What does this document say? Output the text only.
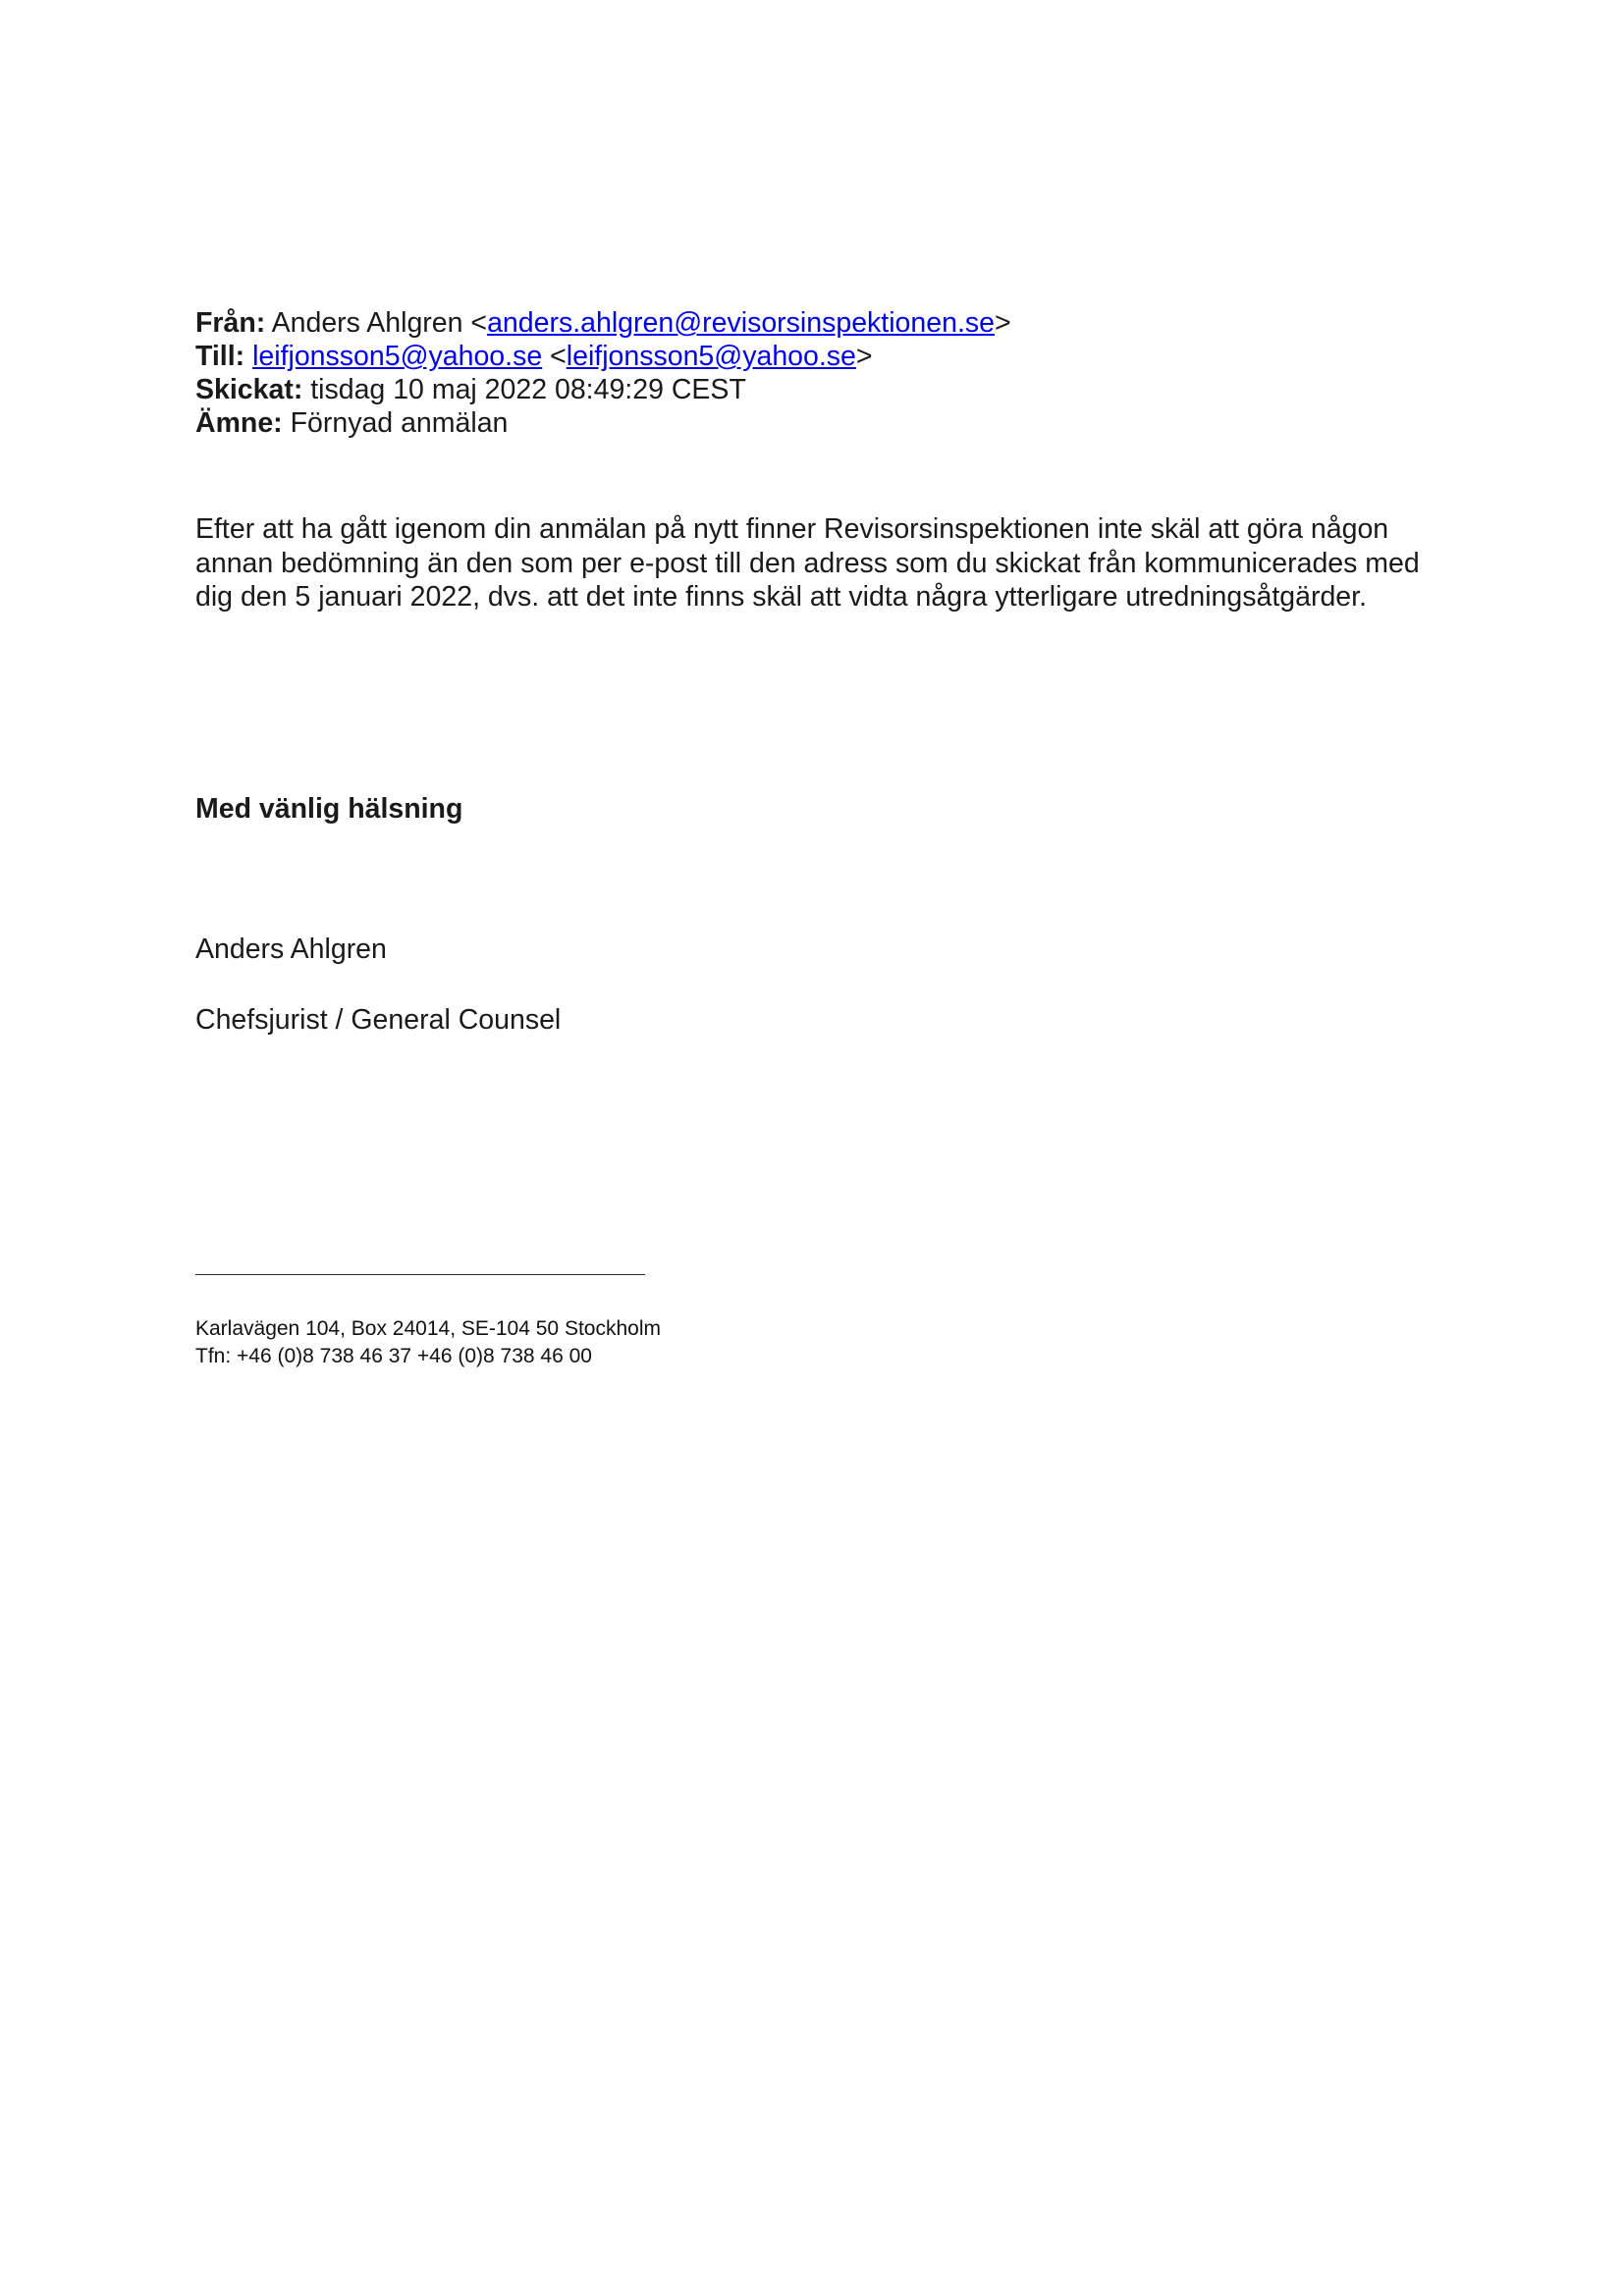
Från: Anders Ahlgren <anders.ahlgren@revisorsinspektionen.se>
Till: leifjonsson5@yahoo.se <leifjonsson5@yahoo.se>
Skickat: tisdag 10 maj 2022 08:49:29 CEST
Ämne: Förnyad anmälan

Efter att ha gått igenom din anmälan på nytt finner Revisorsinspektionen inte skäl att göra någon

annan bedömning än den som per e-post till den adress som du skickat från kommunicerades med

dig den 5 januari 2022, dvs. att det inte finns skäl att vidta några ytterligare utredningsåtgärder.

Med vänlig hälsning
Anders Ahlgren
Chefsjurist / General Counsel
Karlavägen 104, Box 24014, SE-104 50 Stockholm
Tfn: +46 (0)8 738 46 37 +46 (0)8 738 46 00
